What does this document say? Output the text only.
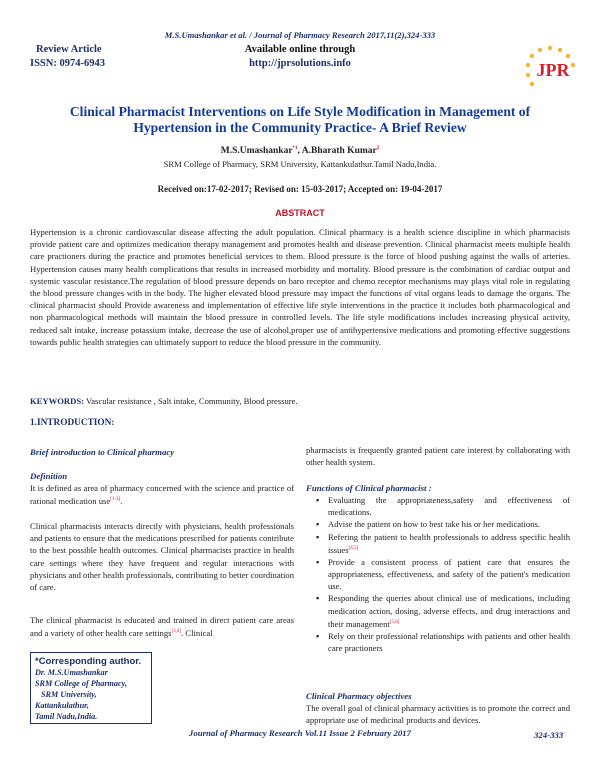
M.S.Umashankar et al. / Journal of Pharmacy Research 2017,11(2),324-333
Review Article
ISSN: 0974-6943
Available online through
http://jprsolutions.info	JPR
Clinical Pharmacist Interventions on Life Style Modification in Management of Hypertension in the Community Practice- A Brief Review
M.S.Umashankar$^{*1}$, A.Bharath Kumar$^2$
SRM College of Pharmacy, SRM University, Kattankulathur.Tamil Nadu,India.
Received on:17-02-2017; Revised on: 15-03-2017; Accepted on: 19-04-2017
ABSTRACT
Hypertension is a chronic cardiovascular disease affecting the adult population. Clinical pharmacy is a health science discipline in which pharmacists provide patient care and optimizes medication therapy management and promotes health and disease prevention. Clinical pharmacist meets multiple health care practioners during the practice and promotes beneficial services to them. Blood pressure is the force of blood pushing against the walls of arteries. Hypertension causes many health complications that results in increased morbidity and mortality. Blood pressure is the combination of cardiac output and systemic vascular resistance.The regulation of blood pressure depends on baro receptor and chemo receptor mechanisms may plays vital role in regulating the blood pressure changes with in the body. The higher elevated blood pressure may impact the functions of vital organs leads to damage the organs. The clinical pharmacist should Provide awareness and implementation of effective life style interventions in the practice it includes both pharmacological and non pharmacological methods will maintain the blood pressure in controlled levels. The life style modifications includes increasing physical activity, reduced salt intake, increase potassium intake, decrease the use of alcohol,proper use of antihypertensive medications and promoting effective suggestions towards public health strategies can ultimately support to reduce the blood pressure in the community.
KEYWORDS: Vascular resistance , Salt intake, Community, Blood pressure.
1.INTRODUCTION:
Brief introduction to Clinical pharmacy
Definition
It is defined as area of pharmacy concerned with the science and practice of rational medication use[1-3].
Clinical pharmacists interacts directly with physicians, health professionals and patients to ensure that the medications prescribed for patients contribute to the best possible health outcomes. Clinical pharmacists practice in health care settings where they have frequent and regular interactions with physicians and other health professionals, contributing to better coordination of care.
The clinical pharmacist is educated and trained in direct patient care areas and a variety of other health care settings[3,4]. Clinical
*Corresponding author.
Dr. M.S.Umashankar
SRM College of Pharmacy,
SRM University,
Kattankulathur,
Tamil Nadu,India.
pharmacists is frequently granted patient care interest by collaborating with other health system.
Functions of Clinical pharmacist :
▪ Evaluating the appropriateness,safety and effectiveness of medications.
▪ Advise the patient on how to best take his or her medications.
▪ Refering the patient to health professionals to address specific health issues[4,5]
▪ Provide a consistent process of patient care that ensures the appropriateness, effectiveness, and safety of the patient's medication use.
▪ Responding the queries about clinical use of medications, including medication action, dosing, adverse effects, and drug interactions and their management[5,6]
▪ Rely on their professional relationships with patients and other health care practioners
Clinical Pharmacy objectives
The overall goal of clinical pharmacy activities is to promote the correct and appropriate use of medicinal products and devices.
Journal of Pharmacy Research Vol.11 Issue 2 February 2017	324-333
